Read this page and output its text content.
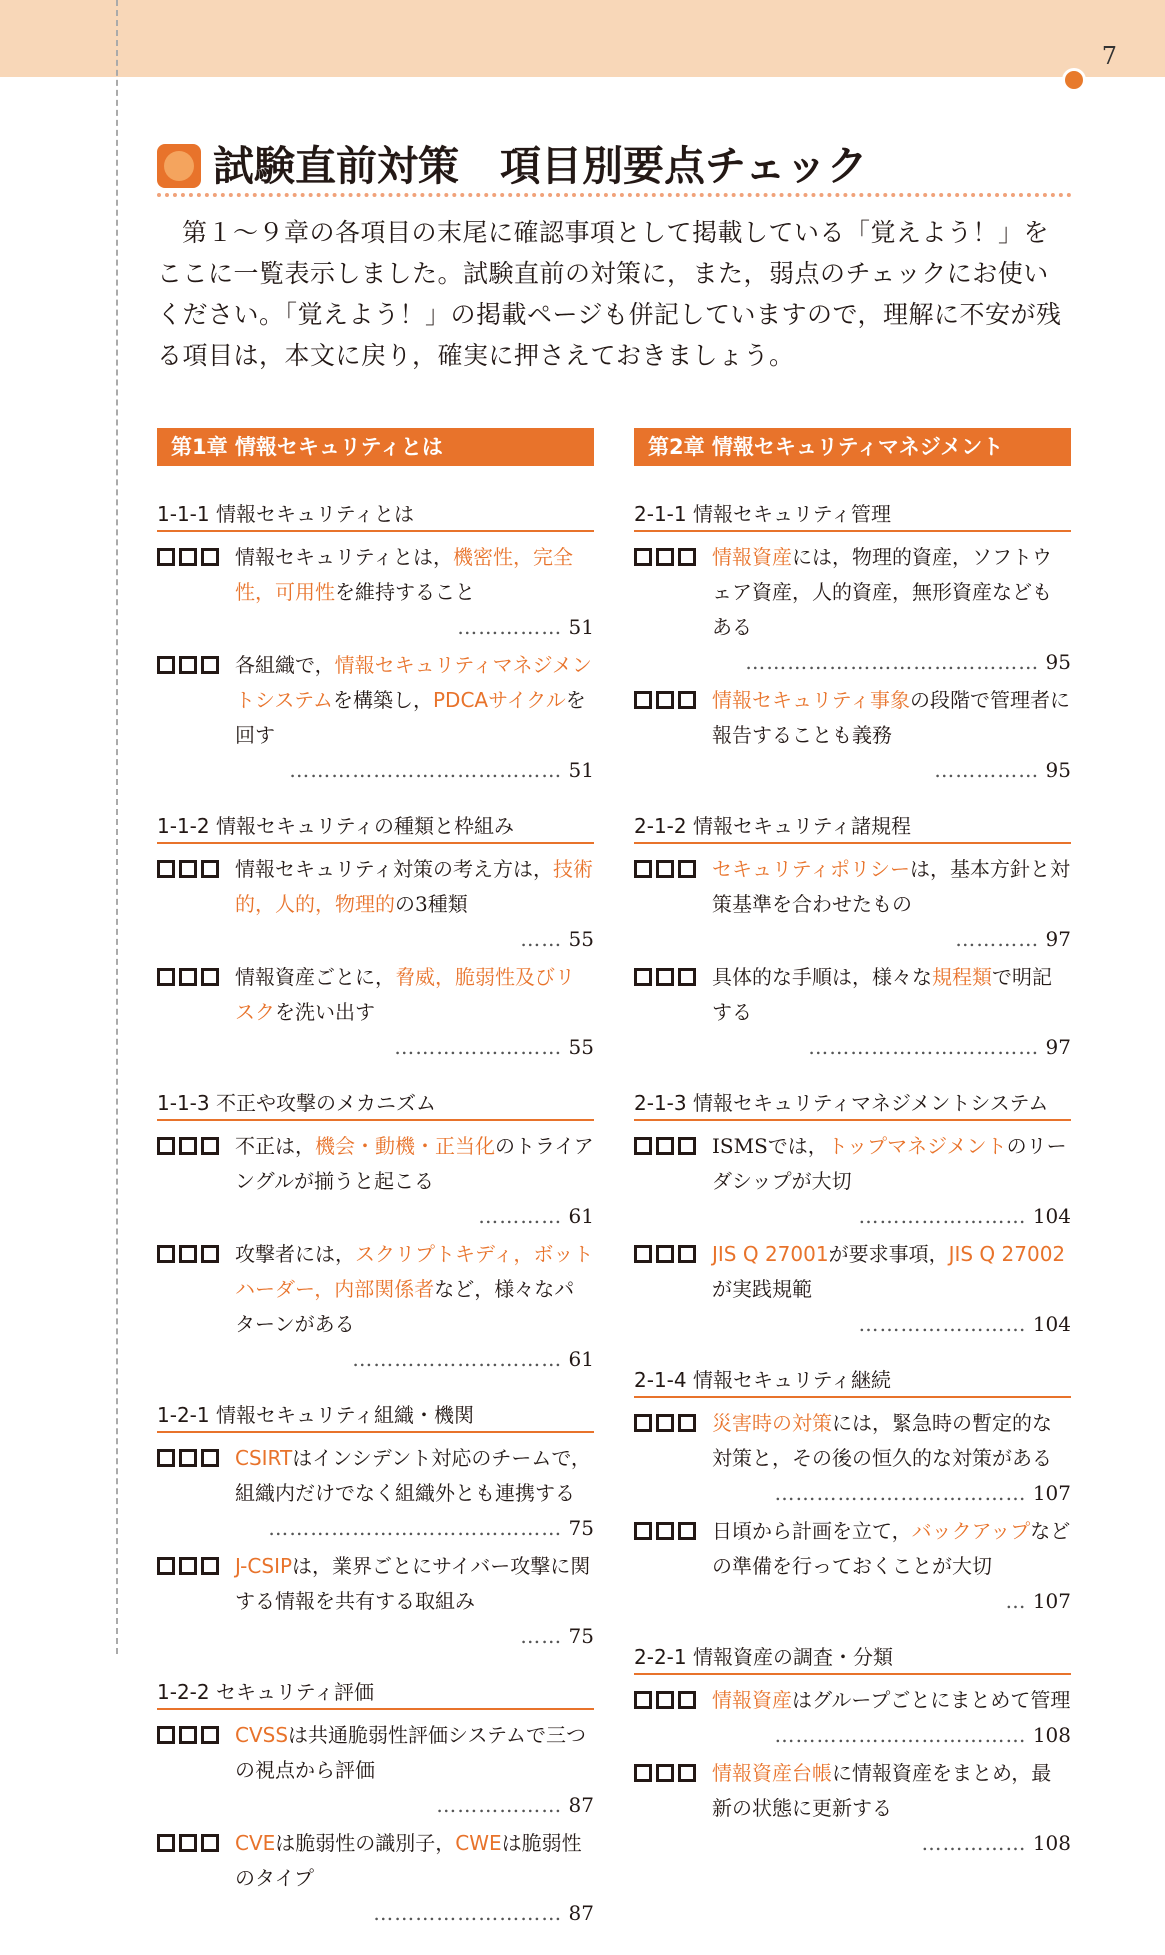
7
試験直前対策　項目別要点チェック

第１～９章の各項目の末尾に確認事項として掲載している「覚えよう！」をここに一覧表示しました。試験直前の対策に，また，弱点のチェックにお使いください。「覚えよう！」の掲載ページも併記していますので，理解に不安が残る項目は，本文に戻り，確実に押さえておきましょう。

第1章 情報セキュリティとは
1-1-1 情報セキュリティとは
情報セキュリティとは，機密性，完全性，可用性を維持すること
…………… 51
各組織で，情報セキュリティマネジメントシステムを構築し，PDCAサイクルを回す
………………………………… 51
1-1-2 情報セキュリティの種類と枠組み
情報セキュリティ対策の考え方は，技術的，人的，物理的の3種類
…… 55
情報資産ごとに，脅威，脆弱性及びリスクを洗い出す
…………………… 55
1-1-3 不正や攻撃のメカニズム
不正は，機会・動機・正当化のトライアングルが揃うと起こる
………… 61
攻撃者には，スクリプトキディ，ボットハーダー，内部関係者など，様々なパターンがある
………………………… 61
1-2-1 情報セキュリティ組織・機関
CSIRTはインシデント対応のチームで，組織内だけでなく組織外とも連携する
…………………………………… 75
J-CSIPは，業界ごとにサイバー攻撃に関する情報を共有する取組み
…… 75
1-2-2 セキュリティ評価
CVSSは共通脆弱性評価システムで三つの視点から評価
……………… 87
CVEは脆弱性の識別子，CWEは脆弱性のタイプ
……………………… 87
第2章 情報セキュリティマネジメント
2-1-1 情報セキュリティ管理
情報資産には，物理的資産，ソフトウェア資産，人的資産，無形資産などもある
…………………………………… 95
情報セキュリティ事象の段階で管理者に報告することも義務
…………… 95
2-1-2 情報セキュリティ諸規程
セキュリティポリシーは，基本方針と対策基準を合わせたもの
………… 97
具体的な手順は，様々な規程類で明記する
…………………………… 97
2-1-3 情報セキュリティマネジメントシステム
ISMSでは，トップマネジメントのリーダシップが大切
…………………… 104
JIS Q 27001が要求事項，JIS Q 27002が実践規範
…………………… 104
2-1-4 情報セキュリティ継続
災害時の対策には，緊急時の暫定的な対策と，その後の恒久的な対策がある
……………………………… 107
日頃から計画を立て，バックアップなどの準備を行っておくことが大切
… 107
2-2-1 情報資産の調査・分類
情報資産はグループごとにまとめて管理
……………………………… 108
情報資産台帳に情報資産をまとめ，最新の状態に更新する
…………… 108
